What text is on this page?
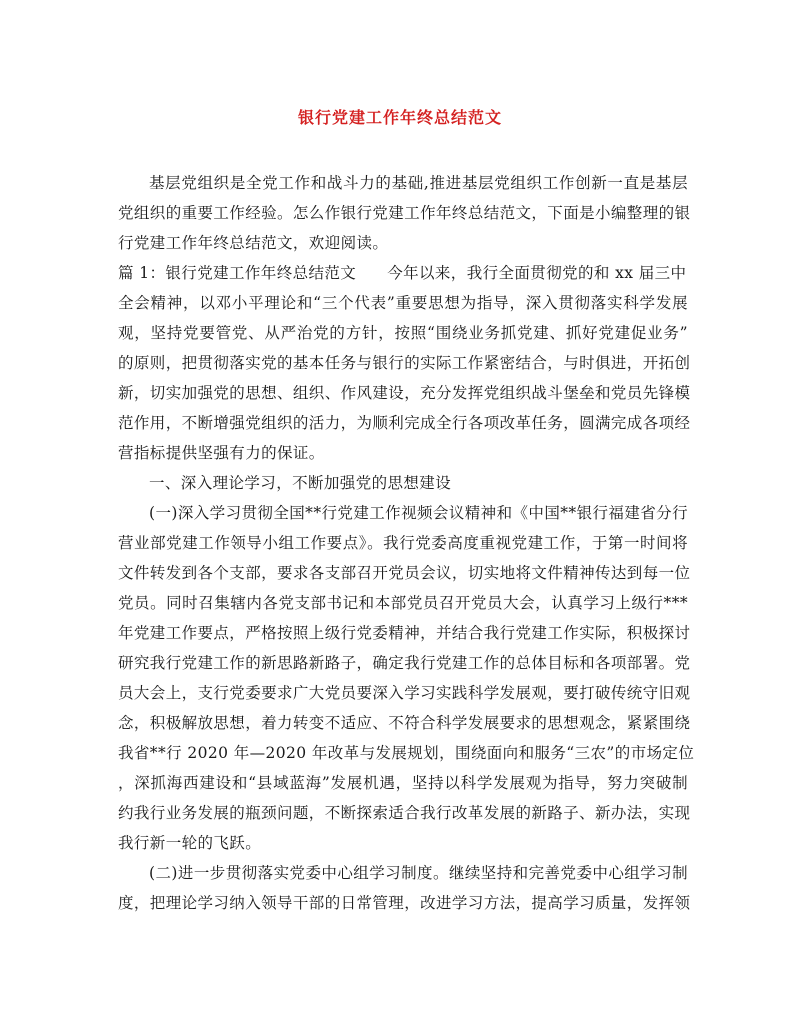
银行党建工作年终总结范文
基层党组织是全党工作和战斗力的基础,推进基层党组织工作创新一直是基层
党组织的重要工作经验。怎么作银行党建工作年终总结范文，下面是小编整理的银
行党建工作年终总结范文，欢迎阅读。
篇 1：银行党建工作年终总结范文 今年以来，我行全面贯彻党的和 xx 届三中
全会精神，以邓小平理论和“三个代表”重要思想为指导，深入贯彻落实科学发展
观，坚持党要管党、从严治党的方针，按照“围绕业务抓党建、抓好党建促业务”
的原则，把贯彻落实党的基本任务与银行的实际工作紧密结合，与时俱进，开拓创
新，切实加强党的思想、组织、作风建设，充分发挥党组织战斗堡垒和党员先锋模
范作用，不断增强党组织的活力，为顺利完成全行各项改革任务，圆满完成各项经
营指标提供坚强有力的保证。
一、深入理论学习，不断加强党的思想建设
(一)深入学习贯彻全国**行党建工作视频会议精神和《中国**银行福建省分行
营业部党建工作领导小组工作要点》。我行党委高度重视党建工作，于第一时间将
文件转发到各个支部，要求各支部召开党员会议，切实地将文件精神传达到每一位
党员。同时召集辖内各党支部书记和本部党员召开党员大会，认真学习上级行***
年党建工作要点，严格按照上级行党委精神，并结合我行党建工作实际，积极探讨
研究我行党建工作的新思路新路子，确定我行党建工作的总体目标和各项部署。党
员大会上，支行党委要求广大党员要深入学习实践科学发展观，要打破传统守旧观
念，积极解放思想，着力转变不适应、不符合科学发展要求的思想观念，紧紧围绕
我省**行 2020 年—2020 年改革与发展规划，围绕面向和服务“三农”的市场定位
，深抓海西建设和“县域蓝海”发展机遇，坚持以科学发展观为指导，努力突破制
约我行业务发展的瓶颈问题，不断探索适合我行改革发展的新路子、新办法，实现
我行新一轮的飞跃。
(二)进一步贯彻落实党委中心组学习制度。继续坚持和完善党委中心组学习制
度，把理论学习纳入领导干部的日常管理，改进学习方法，提高学习质量，发挥领
